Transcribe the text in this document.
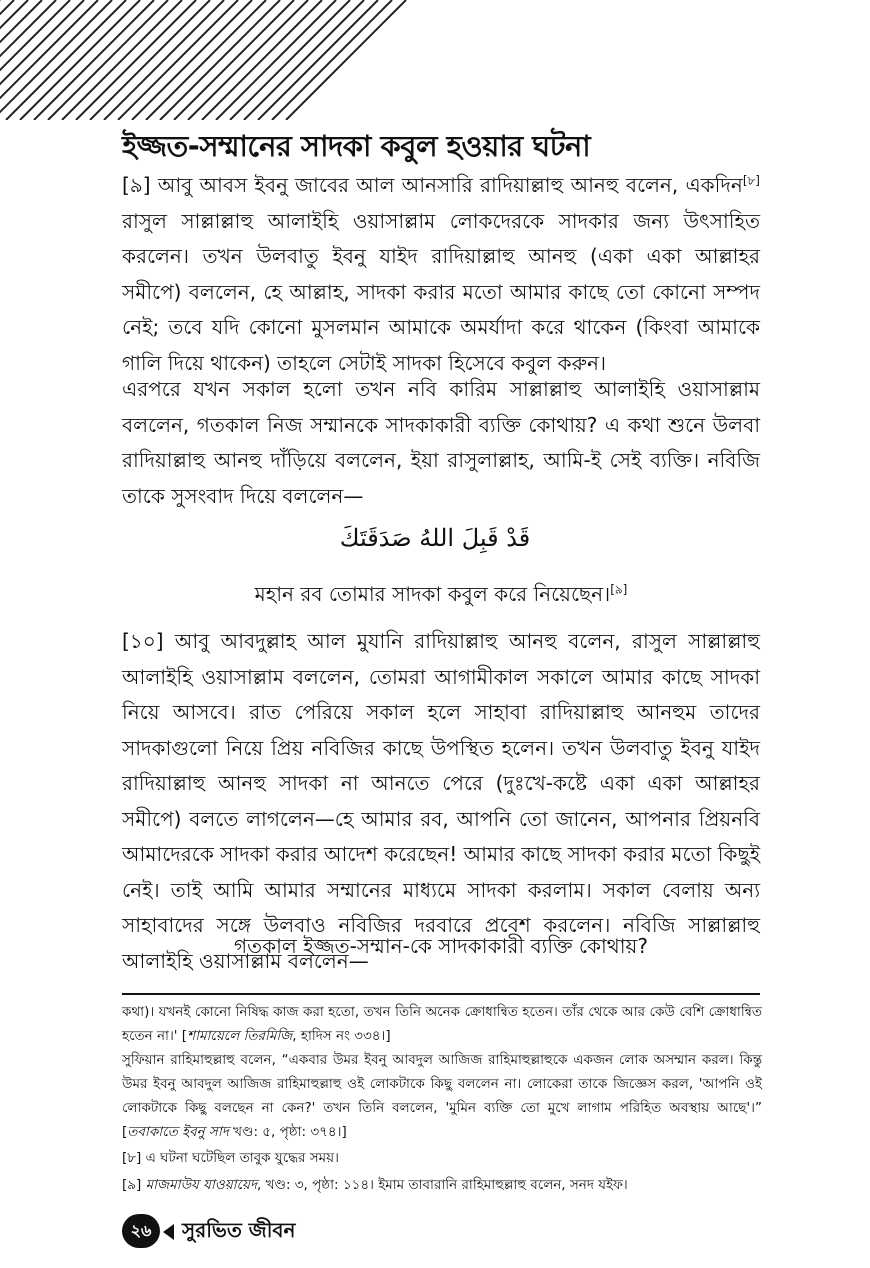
ইজ্জত-সম্মানের সাদকা কবুল হওয়ার ঘটনা

[৯] আবু আবস ইবনু জাবের আল আনসারি রাদিয়াল্লাহু আনহু বলেন, একদিন[৮] রাসুল সাল্লাল্লাহু আলাইহি ওয়াসাল্লাম লোকদেরকে সাদকার জন্য উৎসাহিত করলেন। তখন উলবাতু ইবনু যাইদ রাদিয়াল্লাহু আনহু (একা একা আল্লাহর সমীপে) বললেন, হে আল্লাহ, সাদকা করার মতো আমার কাছে তো কোনো সম্পদ নেই; তবে যদি কোনো মুসলমান আমাকে অমর্যাদা করে থাকেন (কিংবা আমাকে গালি দিয়ে থাকেন) তাহলে সেটাই সাদকা হিসেবে কবুল করুন।

এরপরে যখন সকাল হলো তখন নবি কারিম সাল্লাল্লাহু আলাইহি ওয়াসাল্লাম বললেন, গতকাল নিজ সম্মানকে সাদকাকারী ব্যক্তি কোথায়? এ কথা শুনে উলবা রাদিয়াল্লাহু আনহু দাঁড়িয়ে বললেন, ইয়া রাসুলাল্লাহ, আমি-ই সেই ব্যক্তি। নবিজি তাকে সুসংবাদ দিয়ে বললেন—

قَدْ قَبِلَ اللهُ صَدَقَتَكَ

মহান রব তোমার সাদকা কবুল করে নিয়েছেন।[৯]

[১০] আবু আবদুল্লাহ আল মুযানি রাদিয়াল্লাহু আনহু বলেন, রাসুল সাল্লাল্লাহু আলাইহি ওয়াসাল্লাম বললেন, তোমরা আগামীকাল সকালে আমার কাছে সাদকা নিয়ে আসবে। রাত পেরিয়ে সকাল হলে সাহাবা রাদিয়াল্লাহু আনহুম তাদের সাদকাগুলো নিয়ে প্রিয় নবিজির কাছে উপস্থিত হলেন। তখন উলবাতু ইবনু যাইদ রাদিয়াল্লাহু আনহু সাদকা না আনতে পেরে (দুঃখে-কষ্টে একা একা আল্লাহর সমীপে) বলতে লাগলেন—হে আমার রব, আপনি তো জানেন, আপনার প্রিয়নবি আমাদেরকে সাদকা করার আদেশ করেছেন! আমার কাছে সাদকা করার মতো কিছুই নেই। তাই আমি আমার সম্মানের মাধ্যমে সাদকা করলাম। সকাল বেলায় অন্য সাহাবাদের সঙ্গে উলবাও নবিজির দরবারে প্রবেশ করলেন। নবিজি সাল্লাল্লাহু আলাইহি ওয়াসাল্লাম বললেন—

গতকাল ইজ্জত-সম্মান-কে সাদকাকারী ব্যক্তি কোথায়?

কথা)। যখনই কোনো নিষিদ্ধ কাজ করা হতো, তখন তিনি অনেক ক্রোধান্বিত হতেন। তাঁর থেকে আর কেউ বেশি ক্রোধান্বিত হতেন না।' [শামায়েলে তিরমিজি, হাদিস নং ৩৩৪।]

সুফিয়ান রাহিমাহুল্লাহু বলেন, “একবার উমর ইবনু আবদুল আজিজ রাহিমাহুল্লাহুকে একজন লোক অসম্মান করল। কিন্তু উমর ইবনু আবদুল আজিজ রাহিমাহুল্লাহু ওই লোকটাকে কিছু বললেন না। লোকেরা তাকে জিজ্ঞেস করল, 'আপনি ওই লোকটাকে কিছু বলছেন না কেন?' তখন তিনি বললেন, 'মুমিন ব্যক্তি তো মুখে লাগাম পরিহিত অবস্থায় আছে'।” [তবাকাতে ইবনু সাদ খণ্ড: ৫, পৃষ্ঠা: ৩৭৪।]

[৮] এ ঘটনা ঘটেছিল তাবুক যুদ্ধের সময়।

[৯] মাজমাউয যাওয়ায়েদ, খণ্ড: ৩, পৃষ্ঠা: ১১৪। ইমাম তাবারানি রাহিমাহুল্লাহু বলেন, সনদ যইফ।

২৬	সুরভিত জীবন
